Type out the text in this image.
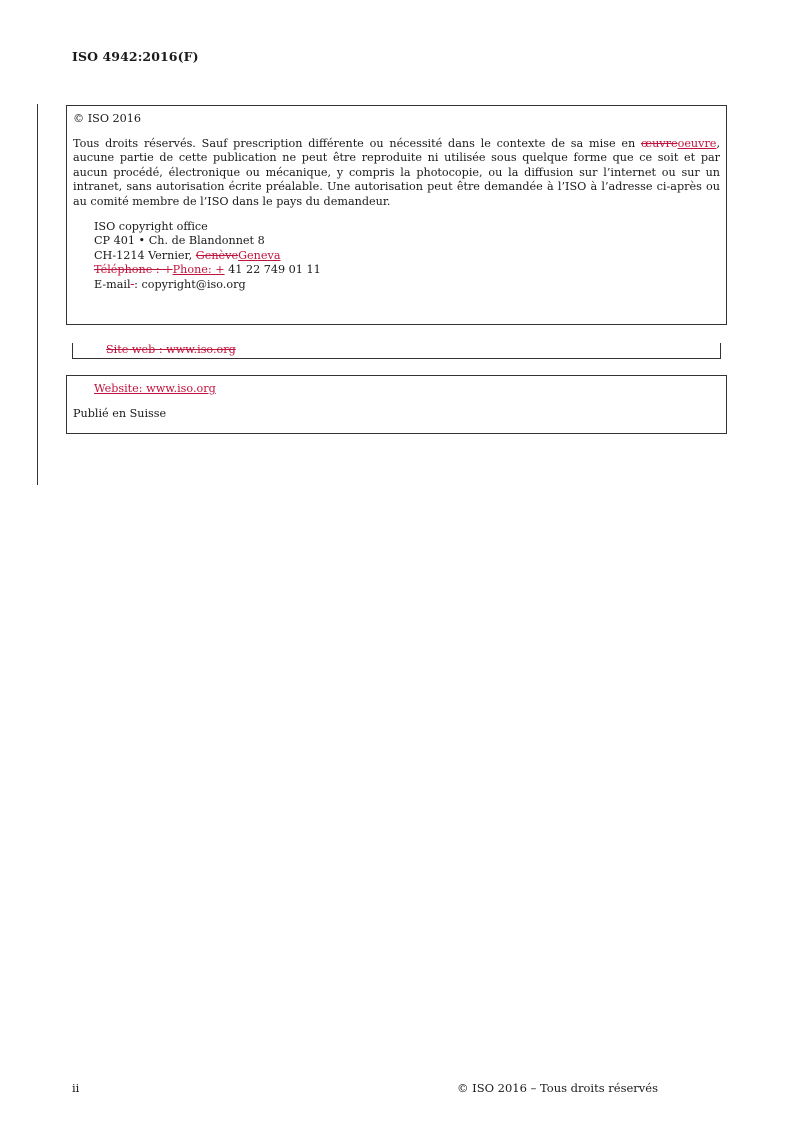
ISO 4942:2016(F)

© ISO 2016

Tous droits réservés. Sauf prescription différente ou nécessité dans le contexte de sa mise en œuvreoeuvre, aucune partie de cette publication ne peut être reproduite ni utilisée sous quelque forme que ce soit et par aucun procédé, électronique ou mécanique, y compris la photocopie, ou la diffusion sur l’internet ou sur un intranet, sans autorisation écrite préalable. Une autorisation peut être demandée à l’ISO à l’adresse ci-après ou au comité membre de l’ISO dans le pays du demandeur.

ISO copyright office
CP 401 • Ch. de Blandonnet 8
CH-1214 Vernier, GenèveGeneva
Téléphone : +Phone: + 41 22 749 01 11
E-mail : copyright@iso.org
Site web : www.iso.org
Website: www.iso.org
Publié en Suisse
ii	© ISO 2016 – Tous droits réservés
